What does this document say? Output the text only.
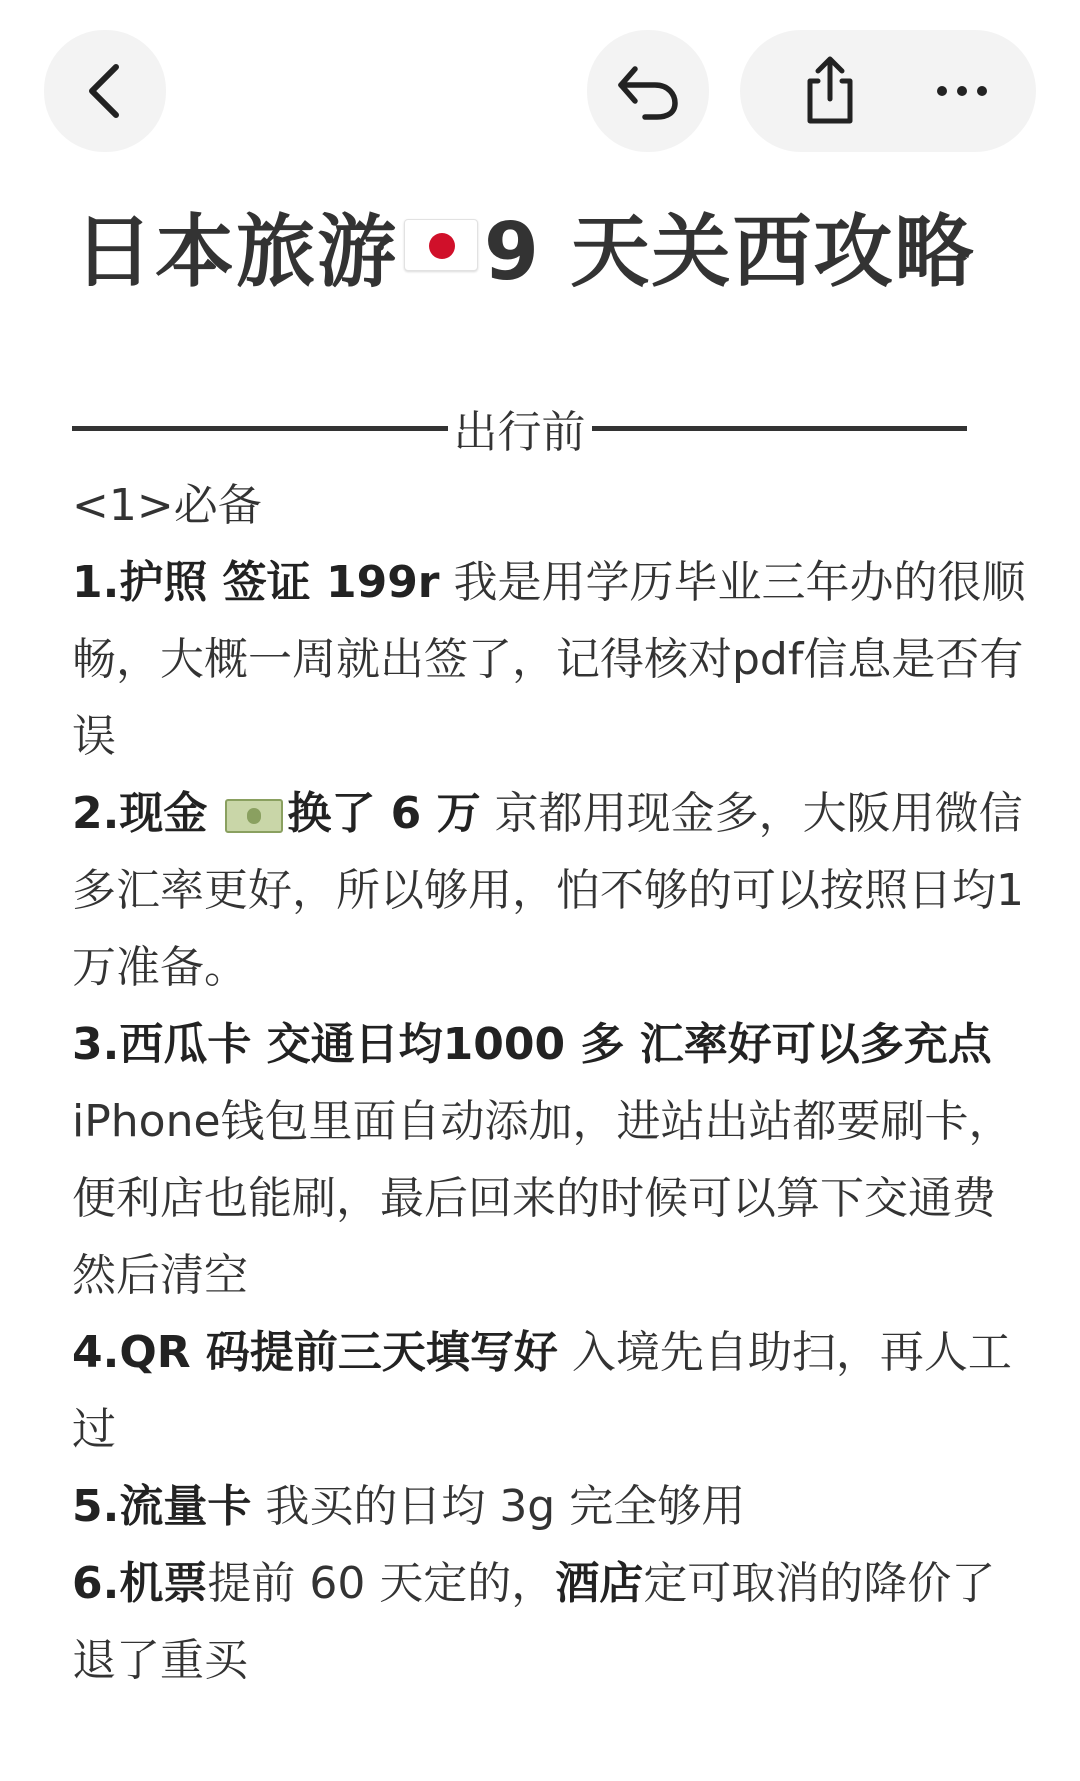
日本旅游 9 天关西攻略
出行前

<1>必备

1.护照 签证 199r 我是用学历毕业三年办的很顺畅，大概一周就出签了，记得核对pdf信息是否有误

2.现金 换了 6 万 京都用现金多，大阪用微信多汇率更好，所以够用，怕不够的可以按照日均1万准备。

3.西瓜卡 交通日均1000 多 汇率好可以多充点 iPhone钱包里面自动添加，进站出站都要刷卡，便利店也能刷，最后回来的时候可以算下交通费然后清空

4.QR 码提前三天填写好 入境先自助扫，再人工过

5.流量卡 我买的日均 3g 完全够用

6.机票提前 60 天定的，酒店定可取消的降价了退了重买
